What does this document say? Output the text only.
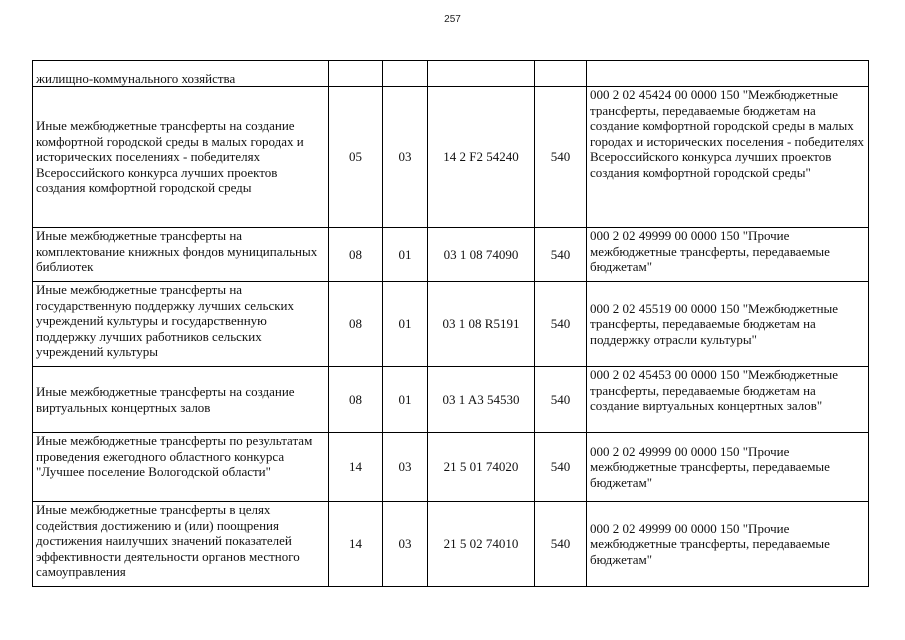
257
жилищно-коммунального хозяйства					
Иные межбюджетные трансферты на создание комфортной городской среды в малых городах и исторических поселениях - победителях Всероссийского конкурса лучших проектов создания комфортной городской среды	05	03	14 2 F2 54240	540	000 2 02 45424 00 0000 150 "Межбюджетные трансферты, передаваемые бюджетам на создание комфортной городской среды в малых городах и исторических поселения - победителях Всероссийского конкурса лучших проектов создания комфортной городской среды"
Иные межбюджетные трансферты на комплектование книжных фондов муниципальных библиотек	08	01	03 1 08 74090	540	000 2 02 49999 00 0000 150 "Прочие межбюджетные трансферты, передаваемые бюджетам"
Иные межбюджетные трансферты на государственную поддержку лучших сельских учреждений культуры и государственную поддержку лучших работников сельских учреждений культуры	08	01	03 1 08 R5191	540	000 2 02 45519 00 0000 150 "Межбюджетные трансферты, передаваемые бюджетам на поддержку отрасли культуры"
Иные межбюджетные трансферты на создание виртуальных концертных залов	08	01	03 1 A3 54530	540	000 2 02 45453 00 0000 150 "Межбюджетные трансферты, передаваемые бюджетам на создание виртуальных концертных залов"
Иные межбюджетные трансферты по результатам проведения ежегодного областного конкурса "Лучшее поселение Вологодской области"	14	03	21 5 01 74020	540	000 2 02 49999 00 0000 150 "Прочие межбюджетные трансферты, передаваемые бюджетам"
Иные межбюджетные трансферты в целях содействия достижению и (или) поощрения достижения наилучших значений показателей эффективности деятельности органов местного самоуправления	14	03	21 5 02 74010	540	000 2 02 49999 00 0000 150 "Прочие межбюджетные трансферты, передаваемые бюджетам"
